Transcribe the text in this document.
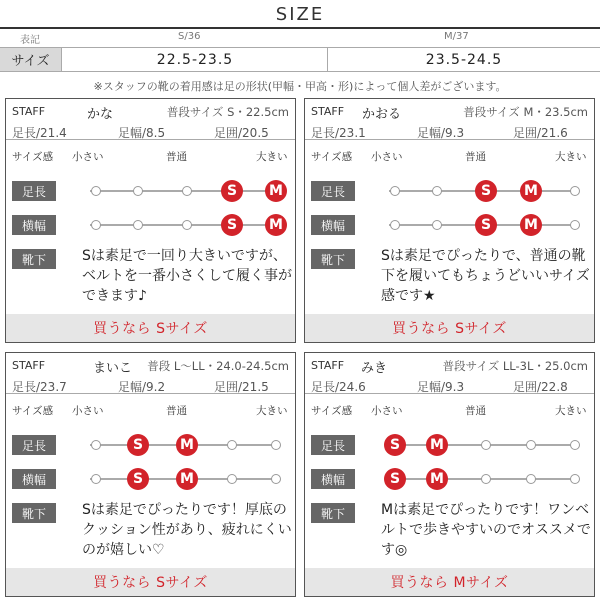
SIZE
表記	S/36	M/37
サイズ	22.5-23.5	23.5-24.5
※スタッフの靴の着用感は足の形状(甲幅・甲高・形)によって個人差がございます。
STAFF	かな	普段サイズ S・22.5cm
足長/21.4	足幅/8.5	足囲/20.5
サイズ感 小さい	普通	大きい
足長	S	M
横幅	S	M
靴下	Sは素足で一回り大きいですが、ベルトを一番小さくして履く事ができます♪
買うなら Sサイズ
STAFF かおる	普段サイズ M・23.5cm
足長/23.1	足幅/9.3	足囲/21.6
サイズ感 小さい	普通	大きい
足長	S	M
横幅	S	M
靴下	Sは素足でぴったりで、普通の靴下を履いてもちょうどいいサイズ感です★
買うなら Sサイズ
STAFF	まいこ 普段 L～LL・24.0-24.5cm
足長/23.7	足幅/9.2	足囲/21.5
サイズ感 小さい	普通	大きい
足長	S	M
横幅	S	M
靴下	Sは素足でぴったりです！厚底のクッション性があり、疲れにくいのが嬉しい♡
買うなら Sサイズ
STAFF みき	普段サイズ LL-3L・25.0cm
足長/24.6	足幅/9.3	足囲/22.8
サイズ感 小さい	普通	大きい
足長	S	M
横幅	S	M
靴下	Mは素足でぴったりです！ワンベルトで歩きやすいのでオススメです◎
買うなら Mサイズ
